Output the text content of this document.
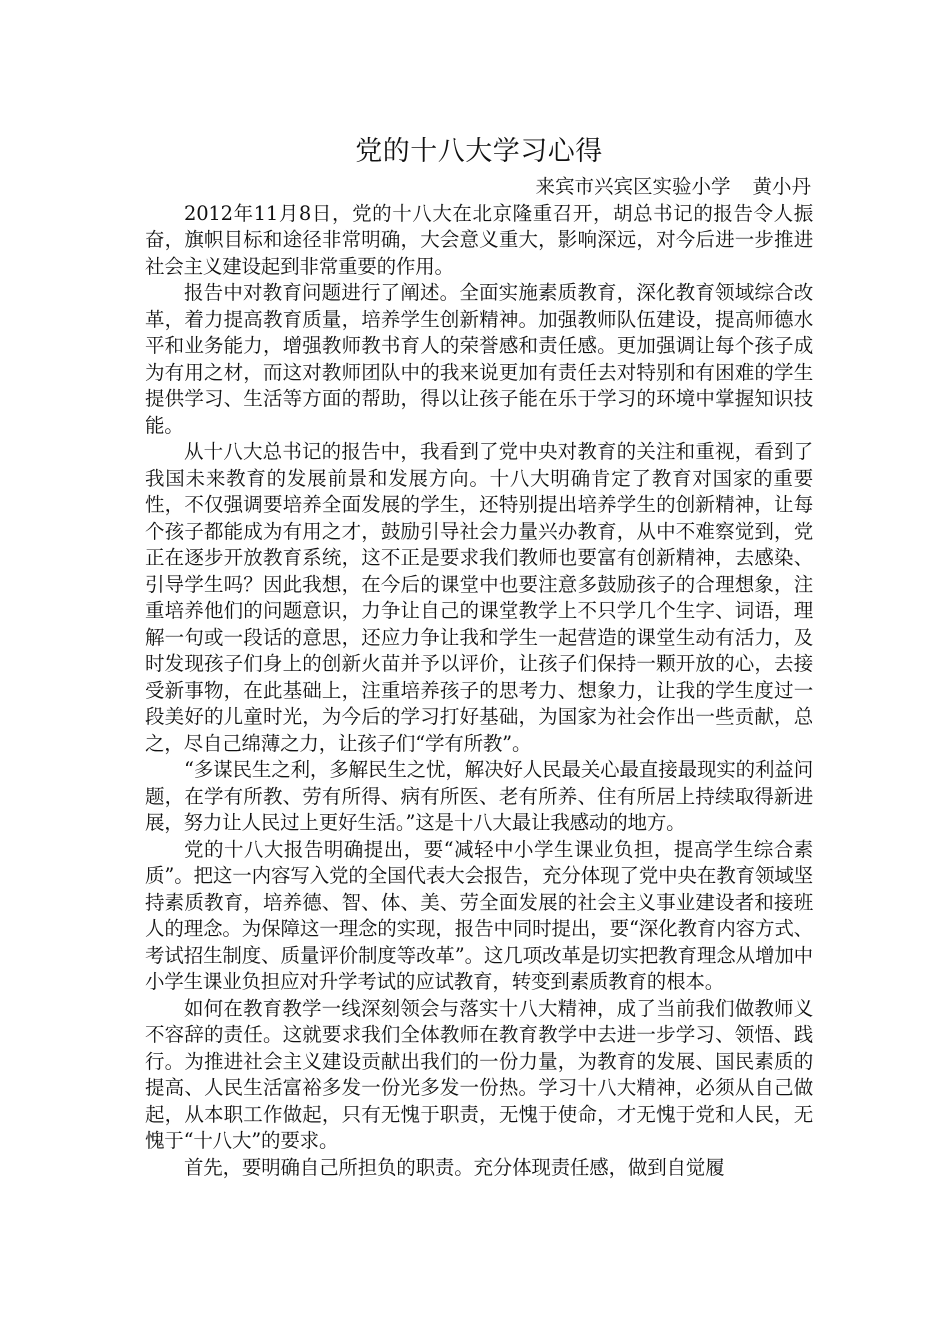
党的十八大学习心得
来宾市兴宾区实验小学 黄小丹

2012年11月8日，党的十八大在北京隆重召开，胡总书记的报告令人振奋，旗帜目标和途径非常明确，大会意义重大，影响深远，对今后进一步推进社会主义建设起到非常重要的作用。

报告中对教育问题进行了阐述。全面实施素质教育，深化教育领域综合改革，着力提高教育质量，培养学生创新精神。加强教师队伍建设，提高师德水平和业务能力，增强教师教书育人的荣誉感和责任感。更加强调让每个孩子成为有用之材，而这对教师团队中的我来说更加有责任去对特别和有困难的学生提供学习、生活等方面的帮助，得以让孩子能在乐于学习的环境中掌握知识技能。

从十八大总书记的报告中，我看到了党中央对教育的关注和重视，看到了我国未来教育的发展前景和发展方向。十八大明确肯定了教育对国家的重要性，不仅强调要培养全面发展的学生，还特别提出培养学生的创新精神，让每个孩子都能成为有用之才，鼓励引导社会力量兴办教育，从中不难察觉到，党正在逐步开放教育系统，这不正是要求我们教师也要富有创新精神，去感染、引导学生吗？因此我想，在今后的课堂中也要注意多鼓励孩子的合理想象，注重培养他们的问题意识，力争让自己的课堂教学上不只学几个生字、词语，理解一句或一段话的意思，还应力争让我和学生一起营造的课堂生动有活力，及时发现孩子们身上的创新火苗并予以评价，让孩子们保持一颗开放的心，去接受新事物，在此基础上，注重培养孩子的思考力、想象力，让我的学生度过一段美好的儿童时光，为今后的学习打好基础，为国家为社会作出一些贡献，总之，尽自己绵薄之力，让孩子们“学有所教”。

“多谋民生之利，多解民生之忧，解决好人民最关心最直接最现实的利益问题，在学有所教、劳有所得、病有所医、老有所养、住有所居上持续取得新进展，努力让人民过上更好生活。”这是十八大最让我感动的地方。

党的十八大报告明确提出，要“减轻中小学生课业负担，提高学生综合素质”。把这一内容写入党的全国代表大会报告，充分体现了党中央在教育领域坚持素质教育，培养德、智、体、美、劳全面发展的社会主义事业建设者和接班人的理念。为保障这一理念的实现，报告中同时提出，要“深化教育内容方式、考试招生制度、质量评价制度等改革”。这几项改革是切实把教育理念从增加中小学生课业负担应对升学考试的应试教育，转变到素质教育的根本。

如何在教育教学一线深刻领会与落实十八大精神，成了当前我们做教师义不容辞的责任。这就要求我们全体教师在教育教学中去进一步学习、领悟、践行。为推进社会主义建设贡献出我们的一份力量，为教育的发展、国民素质的提高、人民生活富裕多发一份光多发一份热。学习十八大精神，必须从自己做起，从本职工作做起，只有无愧于职责，无愧于使命，才无愧于党和人民，无愧于“十八大”的要求。

首先，要明确自己所担负的职责。充分体现责任感，做到自觉履
